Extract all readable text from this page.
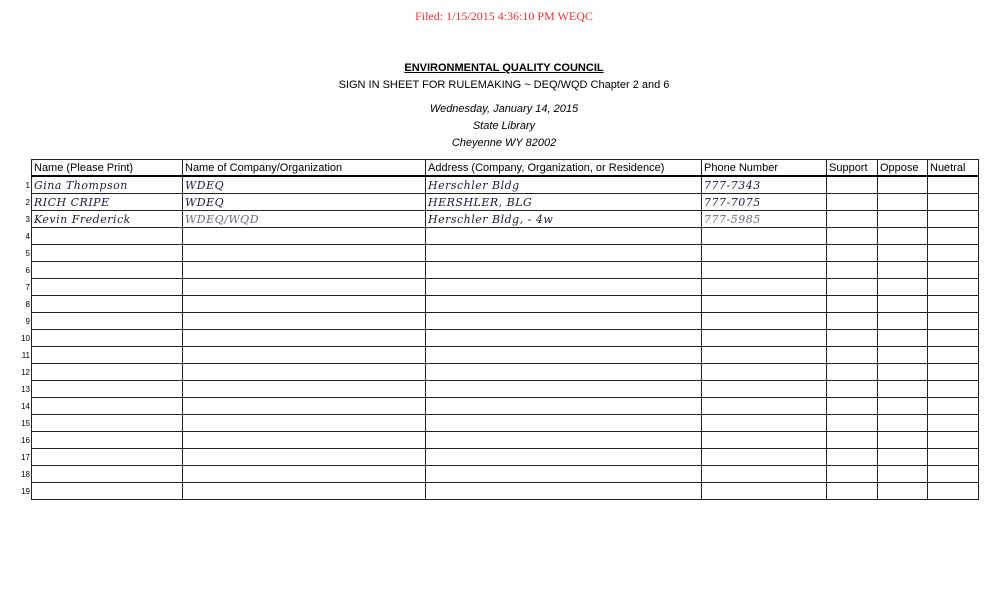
Filed: 1/15/2015 4:36:10 PM WEQC
ENVIRONMENTAL QUALITY COUNCIL
SIGN IN SHEET FOR RULEMAKING ~ DEQ/WQD Chapter 2 and 6
Wednesday, January 14, 2015
State Library
Cheyenne WY 82002
1
2
3
4
5
6
7
8
9
10
11
12
13
14
15
16
17
18
19
Name (Please Print)	Name of Company/Organization	Address (Company, Organization, or Residence)	Phone Number	Support	Oppose	Nuetral
Gina Thompson	WDEQ	Herschler Bldg	777-7343			
RICH CRIPE	WDEQ	HERSHLER, BLG	777-7075			
Kevin Frederick	WDEQ/WQD	Herschler Bldg, - 4w	777-5985			
